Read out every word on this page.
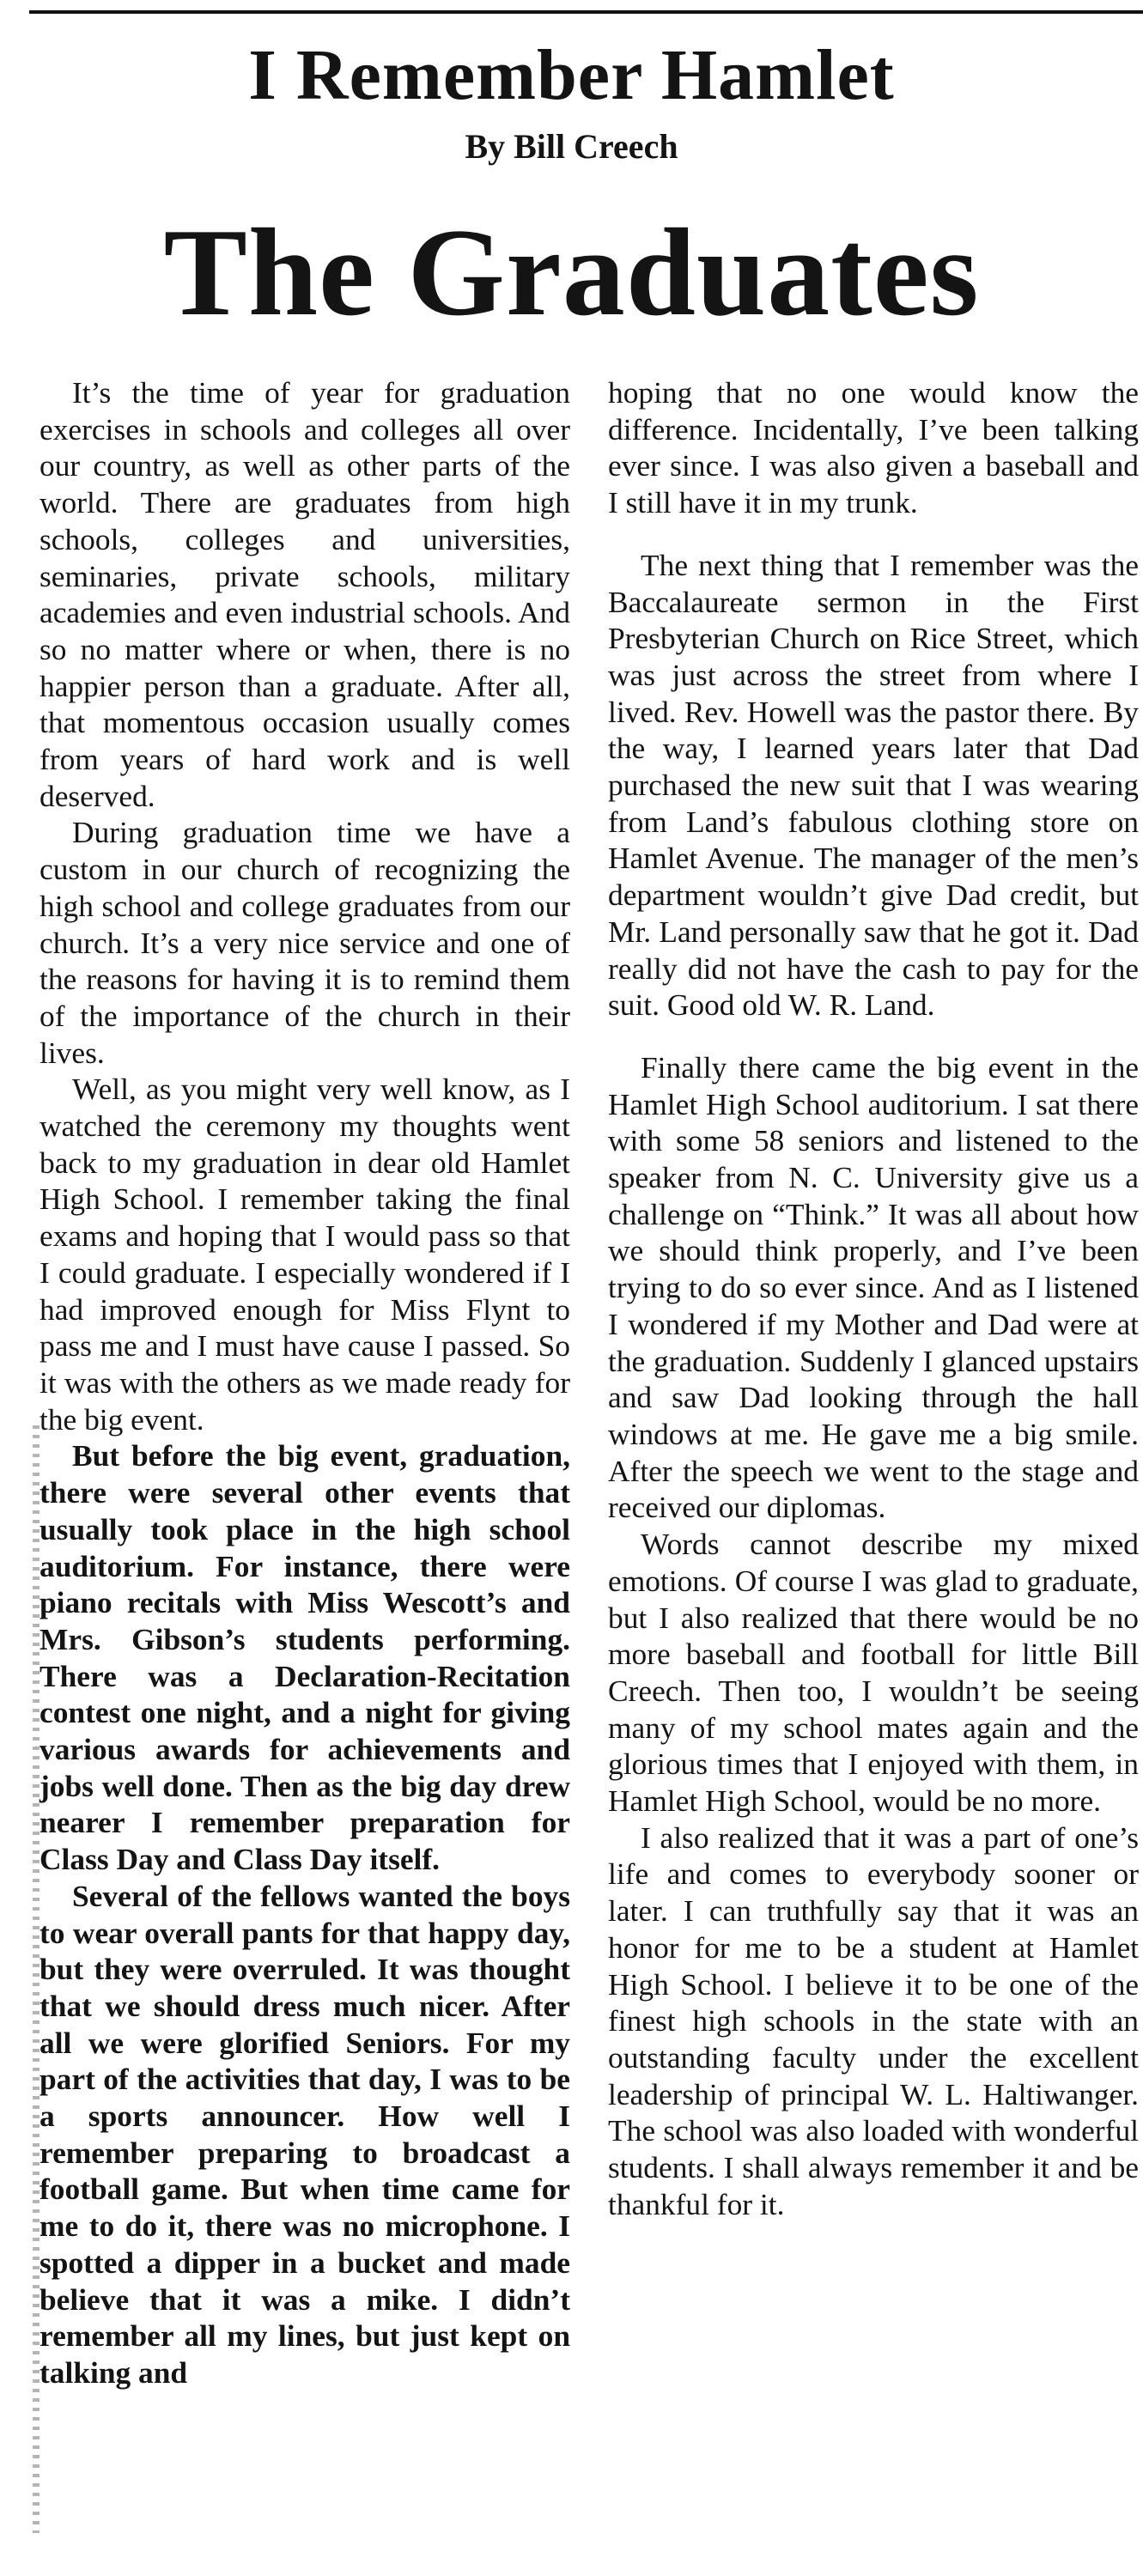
I Remember Hamlet
By Bill Creech
The Graduates

It’s the time of year for graduation exercises in schools and colleges all over our country, as well as other parts of the world. There are graduates from high schools, colleges and universities, seminaries, private schools, military academies and even industrial schools. And so no matter where or when, there is no happier person than a graduate. After all, that momentous occasion usually comes from years of hard work and is well deserved.

During graduation time we have a custom in our church of recognizing the high school and college graduates from our church. It’s a very nice service and one of the reasons for having it is to remind them of the importance of the church in their lives.

Well, as you might very well know, as I watched the ceremony my thoughts went back to my graduation in dear old Hamlet High School. I remember taking the final exams and hoping that I would pass so that I could graduate. I especially wondered if I had improved enough for Miss Flynt to pass me and I must have cause I passed. So it was with the others as we made ready for the big event.

But before the big event, graduation, there were several other events that usually took place in the high school auditorium. For instance, there were piano recitals with Miss Wescott’s and Mrs. Gibson’s students performing. There was a Declaration-Recitation contest one night, and a night for giving various awards for achievements and jobs well done. Then as the big day drew nearer I remember preparation for Class Day and Class Day itself.

Several of the fellows wanted the boys to wear overall pants for that happy day, but they were overruled. It was thought that we should dress much nicer. After all we were glorified Seniors. For my part of the activities that day, I was to be a sports announcer. How well I remember preparing to broadcast a football game. But when time came for me to do it, there was no microphone. I spotted a dipper in a bucket and made believe that it was a mike. I didn’t remember all my lines, but just kept on talking and

hoping that no one would know the difference. Incidentally, I’ve been talking ever since. I was also given a baseball and I still have it in my trunk.

The next thing that I remember was the Baccalaureate sermon in the First Presbyterian Church on Rice Street, which was just across the street from where I lived. Rev. Howell was the pastor there. By the way, I learned years later that Dad purchased the new suit that I was wearing from Land’s fabulous clothing store on Hamlet Avenue. The manager of the men’s department wouldn’t give Dad credit, but Mr. Land personally saw that he got it. Dad really did not have the cash to pay for the suit. Good old W. R. Land.

Finally there came the big event in the Hamlet High School auditorium. I sat there with some 58 seniors and listened to the speaker from N. C. University give us a challenge on “Think.” It was all about how we should think properly, and I’ve been trying to do so ever since. And as I listened I wondered if my Mother and Dad were at the graduation. Suddenly I glanced upstairs and saw Dad looking through the hall windows at me. He gave me a big smile. After the speech we went to the stage and received our diplomas.

Words cannot describe my mixed emotions. Of course I was glad to graduate, but I also realized that there would be no more baseball and football for little Bill Creech. Then too, I wouldn’t be seeing many of my school mates again and the glorious times that I enjoyed with them, in Hamlet High School, would be no more.

I also realized that it was a part of one’s life and comes to everybody sooner or later. I can truthfully say that it was an honor for me to be a student at Hamlet High School. I believe it to be one of the finest high schools in the state with an outstanding faculty under the excellent leadership of principal W. L. Haltiwanger. The school was also loaded with wonderful students. I shall always remember it and be thankful for it.
